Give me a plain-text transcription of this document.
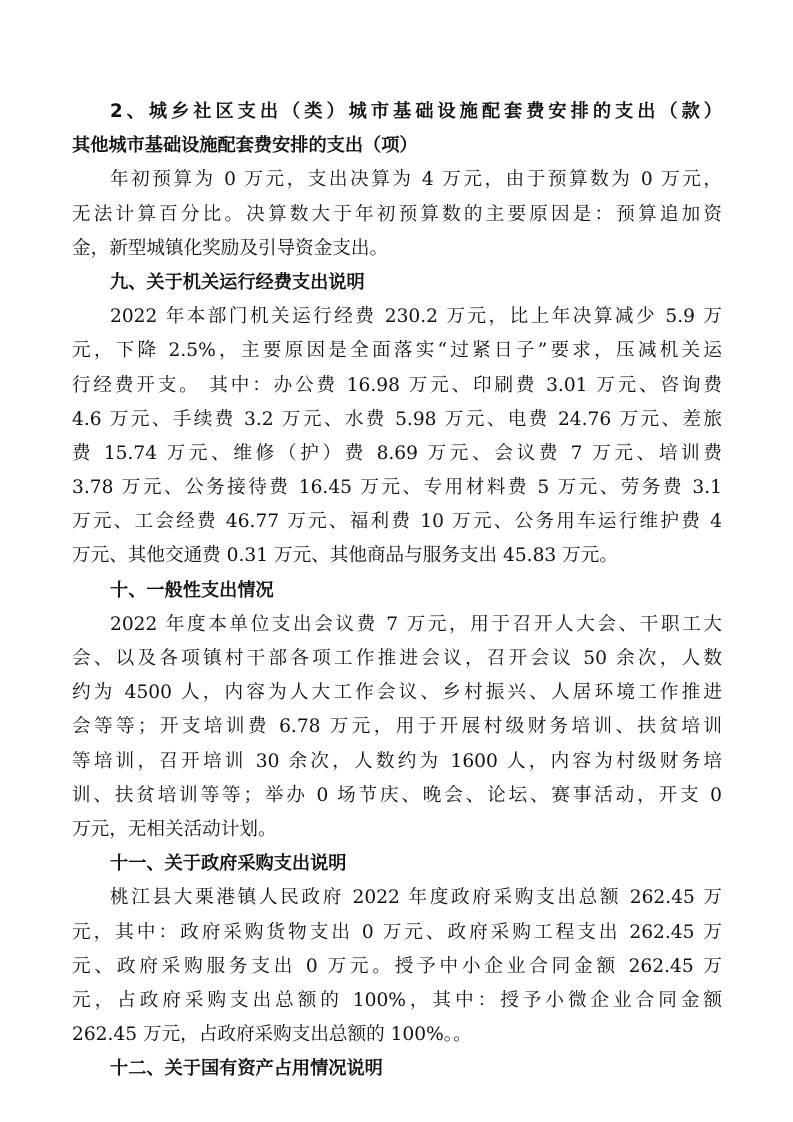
2、城乡社区支出（类）城市基础设施配套费安排的支出（款）
其他城市基础设施配套费安排的支出（项）
年初预算为 0 万元，支出决算为 4 万元，由于预算数为 0 万元，
无法计算百分比。决算数大于年初预算数的主要原因是：预算追加资
金，新型城镇化奖励及引导资金支出。
九、关于机关运行经费支出说明
2022 年本部门机关运行经费 230.2 万元，比上年决算减少 5.9 万
元，下降 2.5%，主要原因是全面落实“过紧日子”要求，压减机关运
行经费开支。 其中：办公费 16.98 万元、印刷费 3.01 万元、咨询费
4.6 万元、手续费 3.2 万元、水费 5.98 万元、电费 24.76 万元、差旅
费 15.74 万元、维修（护）费 8.69 万元、会议费 7 万元、培训费
3.78 万元、公务接待费 16.45 万元、专用材料费 5 万元、劳务费 3.1
万元、工会经费 46.77 万元、福利费 10 万元、公务用车运行维护费 4
万元、其他交通费 0.31 万元、其他商品与服务支出 45.83 万元。
十、一般性支出情况
2022 年度本单位支出会议费 7 万元，用于召开人大会、干职工大
会、以及各项镇村干部各项工作推进会议，召开会议 50 余次，人数
约为 4500 人，内容为人大工作会议、乡村振兴、人居环境工作推进
会等等；开支培训费 6.78 万元，用于开展村级财务培训、扶贫培训
等培训，召开培训 30 余次，人数约为 1600 人，内容为村级财务培
训、扶贫培训等等；举办 0 场节庆、晚会、论坛、赛事活动，开支 0
万元，无相关活动计划。
十一、关于政府采购支出说明
桃江县大栗港镇人民政府 2022 年度政府采购支出总额 262.45 万
元，其中：政府采购货物支出 0 万元、政府采购工程支出 262.45 万
元、政府采购服务支出 0 万元。授予中小企业合同金额 262.45 万
元，占政府采购支出总额的 100%，其中：授予小微企业合同金额
262.45 万元，占政府采购支出总额的 100%。。
十二、关于国有资产占用情况说明
